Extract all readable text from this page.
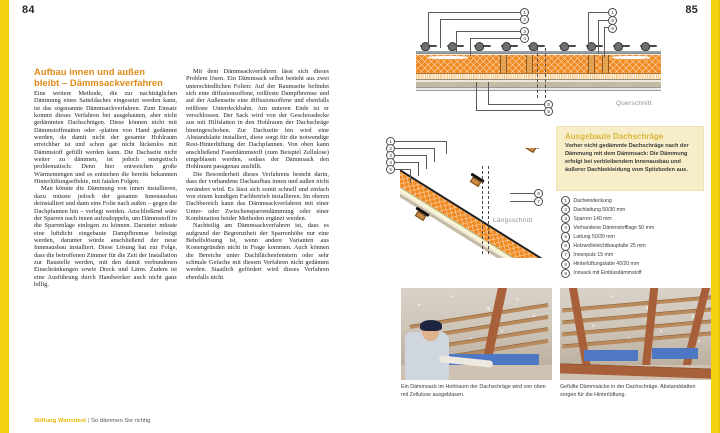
84	85
Aufbau innen und außen
bleibt – Dämmsackverfahren

Eine weitere Methode, die zur nachträglichen Dämmung eines Satteldaches eingesetzt werden kann, ist das sogenannte Dämmsackverfahren. Zum Einsatz kommt dieses Verfahren bei ausgebauten, aber nicht gedämmten Dachschrägen. Diese können nicht mit Dämmstoffmatten oder -platten von Hand gedämmt werden, da damit nicht der gesamte Hohlraum erreichbar ist und schon gar nicht lückenlos mit Dämmstoff gefüllt werden kann. Die Dachseite nicht weiter zu dämmen, ist jedoch energetisch problematisch: Denn hier entweichen große Wärmemengen und es entstehen die bereits bekannten Hinterlüftungseffekte, mit fatalen Folgen.

Man könnte die Dämmung von innen installieren, dazu müsste jedoch der gesamte Innenausbau deinstalliert und dann eine Folie nach außen – gegen die Dachpfannen hin – verlegt werden. Anschließend wäre der Sparren nach innen aufzudoppeln, um Dämmstoff in die Sparrenlage einlegen zu können. Darunter müsste eine luftdicht eingebaute Dampfbremse befestigt werden, darunter würde anschließend der neue Innenausbau installiert. Diese Lösung hat zur Folge, dass die betroffenen Zimmer für die Zeit der Installation zur Baustelle werden, mit den damit verbundenen Einschränkungen sowie Dreck und Lärm. Zudem ist eine Ausführung durch Handwerker auch nicht ganz billig.

Mit dem Dämmsackverfahren lässt sich dieses Problem lösen. Ein Dämmsack selbst besteht aus zwei unterschiedlichen Folien: Auf der Raumseite befindet sich eine diffusionsoffene, reißfeste Dampfbremse und auf der Außenseite eine diffusionsoffene und ebenfalls reißfeste Unterdeckbahn. Am unteren Ende ist er verschlossen. Der Sack wird von der Geschossdecke aus mit Hilfslatten in den Hohlraum der Dachschräge hineingeschoben. Zur Dachseite hin wird eine Abstandslatte installiert, diese sorgt für die notwendige Rest-Hinterlüftung der Dachpfannen. Von oben kann anschließend Faserdämmstoff (zum Beispiel Zellulose) eingeblasen werden, sodass der Dämmsack den Hohlraum passgenau ausfüllt.

Die Besonderheit dieses Verfahrens besteht darin, dass der vorhandene Dachaufbau innen und außen nicht verändert wird. Es lässt sich somit schnell und einfach von einem kundigen Fachbetrieb installieren. Im oberen Dachbereich kann das Dämmsackverfahren mit einer Unter- oder Zwischensparrendämmung oder einer Kombination beider Methoden ergänzt werden.

Nachteilig am Dämmsackverfahren ist, dass es aufgrund der Begrenztheit der Sparrenhöhe nur eine Behelfslösung ist, wenn andere Varianten aus Kostengründen nicht in Frage kommen. Auch können die Bereiche unter Dachflächenfenstern oder sehr schmale Gefache mit diesem Verfahren nicht gedämmt werden. Staatlich gefördert wird dieses Verfahren ebenfalls nicht.

Stiftung Warentest | So dämmen Sie richtig
Querschnitt
1
2
3
4
1
8
9
6
5
Längsschnitt
1
2
3
4
5
6
7
Ausgebaute Dachschräge

Vorher nicht gedämmte Dachschräge nach der Dämmung mit dem Dämmsack: Die Dämmung erfolgt bei verbleibendem Innenausbau und äußerer Dachbekleidung vom Spitzboden aus.

1	Dacheindeckung
2	Dachlattung 50/30 mm
3	Sparren 140 mm
4	Vorhandene Dämmstofflage 50 mm
5	Lattung 50/30 mm
6	Holzwolleleichtbauplatte 25 mm
7	Innenputz 15 mm
8	Hinterlüftungslatte 40/20 mm
9	Innsack mit Einblasdämmstoff
Ein Dämmsack im Hohlraum der Dachschräge wird von oben mit Zellulose ausgeblasen.
Gefüllte Dämmsäcke in der Dachschräge. Abstandslatten sorgen für die Hinterlüftung.
